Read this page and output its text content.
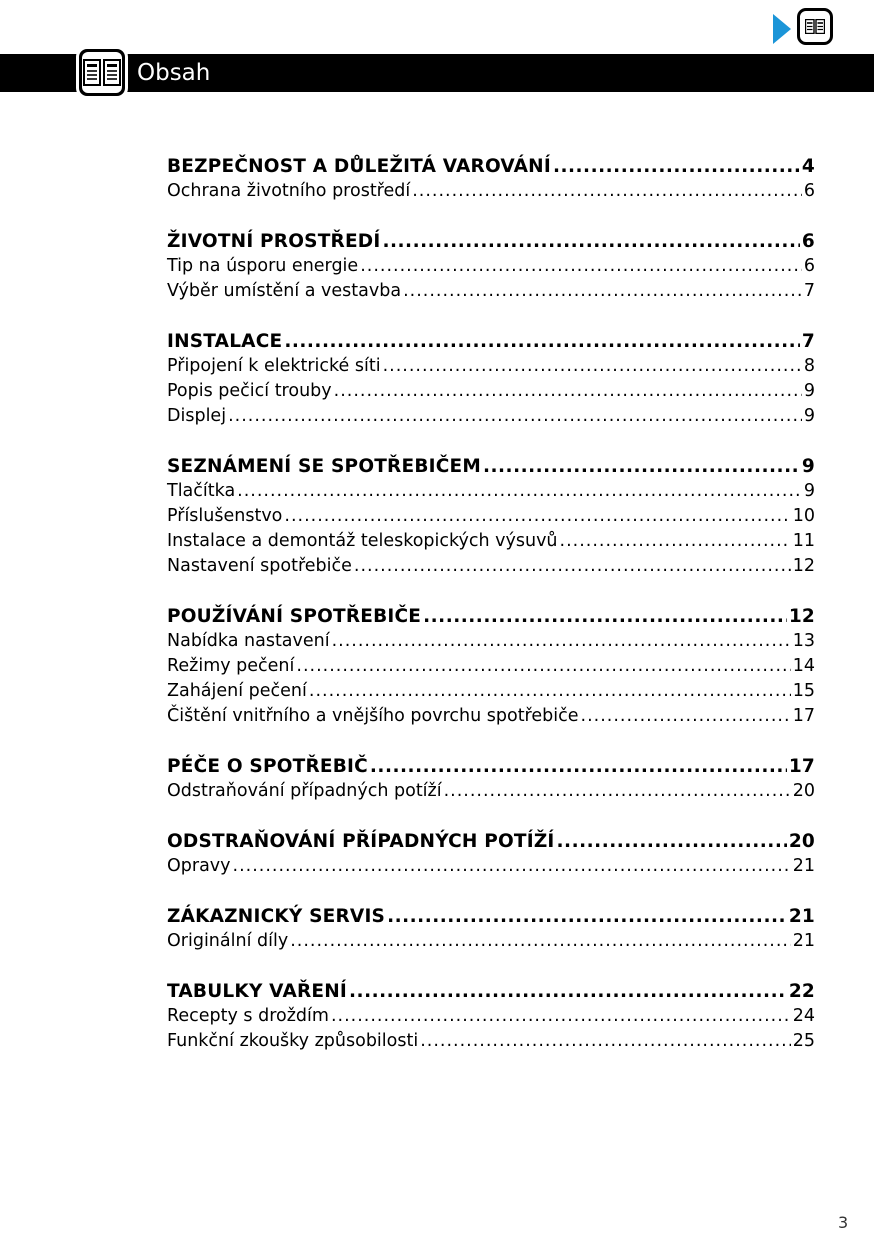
Obsah
BEZPEČNOST A DŮLEŽITÁ VAROVÁNÍ .....	4
Ochrana životního prostředí .....	6
ŽIVOTNÍ PROSTŘEDÍ .....	6
Tip na úsporu energie .....	6
Výběr umístění a vestavba .....	7
INSTALACE .....	7
Připojení k elektrické síti .....	8
Popis pečicí trouby .....	9
Displej .....	9
SEZNÁMENÍ SE SPOTŘEBIČEM .....	9
Tlačítka .....	9
Příslušenstvo .....	10
Instalace a demontáž teleskopických výsuvů .....	11
Nastavení spotřebiče .....	12
POUŽÍVÁNÍ SPOTŘEBIČE .....	12
Nabídka nastavení .....	13
Režimy pečení .....	14
Zahájení pečení .....	15
Čištění vnitřního a vnějšího povrchu spotřebiče .....	17
PÉČE O SPOTŘEBIČ .....	17
Odstraňování případných potíží .....	20
ODSTRAŇOVÁNÍ PŘÍPADNÝCH POTÍŽÍ .....	20
Opravy .....	21
ZÁKAZNICKÝ SERVIS .....	21
Originální díly .....	21
TABULKY VAŘENÍ .....	22
Recepty s droždím .....	24
Funkční zkoušky způsobilosti .....	25
3
